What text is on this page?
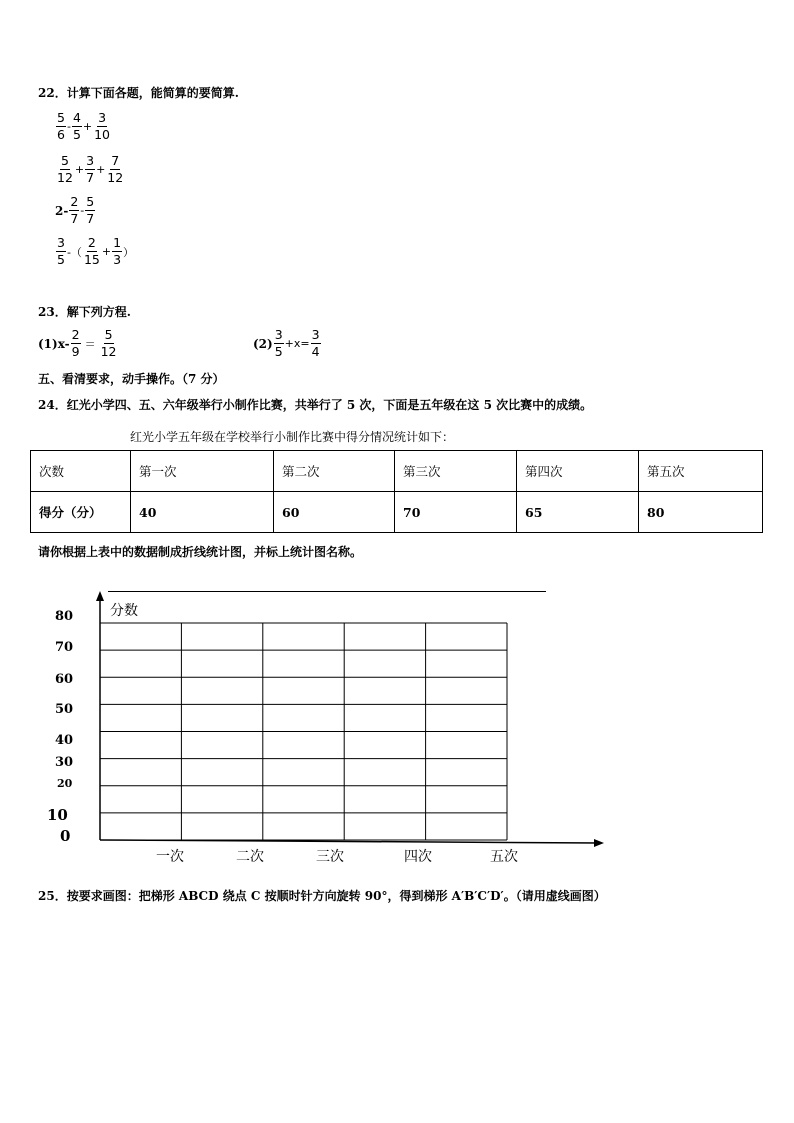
22．计算下面各题，能简算的要简算.
$\frac{5}{6} - \frac{4}{5} + \frac{3}{10}$
$\frac{5}{12} + \frac{3}{7} + \frac{7}{12}$
$2- \frac{2}{7} - \frac{5}{7}$
$\frac{3}{5}$ -（ $\frac{2}{15} + \frac{1}{3}$ ）
23．解下列方程.
$(1)x- \frac{2}{9} = \frac{5}{12}$	$(2) \frac{3}{5} +x= \frac{3}{4}$
五、看清要求，动手操作。（7 分）
24．红光小学四、五、六年级举行小制作比赛，共举行了 5 次，下面是五年级在这 5 次比赛中的成绩。
红光小学五年级在学校举行小制作比赛中得分情况统计如下：
次数	第一次	第二次	第三次	第四次	第五次
得分（分）	40	60	70	65	80
请你根据上表中的数据制成折线统计图，并标上统计图名称。
分数
80
70
60
50
40
30
20
10
0
一次	二次	三次	四次	五次
25．按要求画图：把梯形 ABCD 绕点 C 按顺时针方向旋转 90°，得到梯形 A′B′C′D′。（请用虚线画图）
